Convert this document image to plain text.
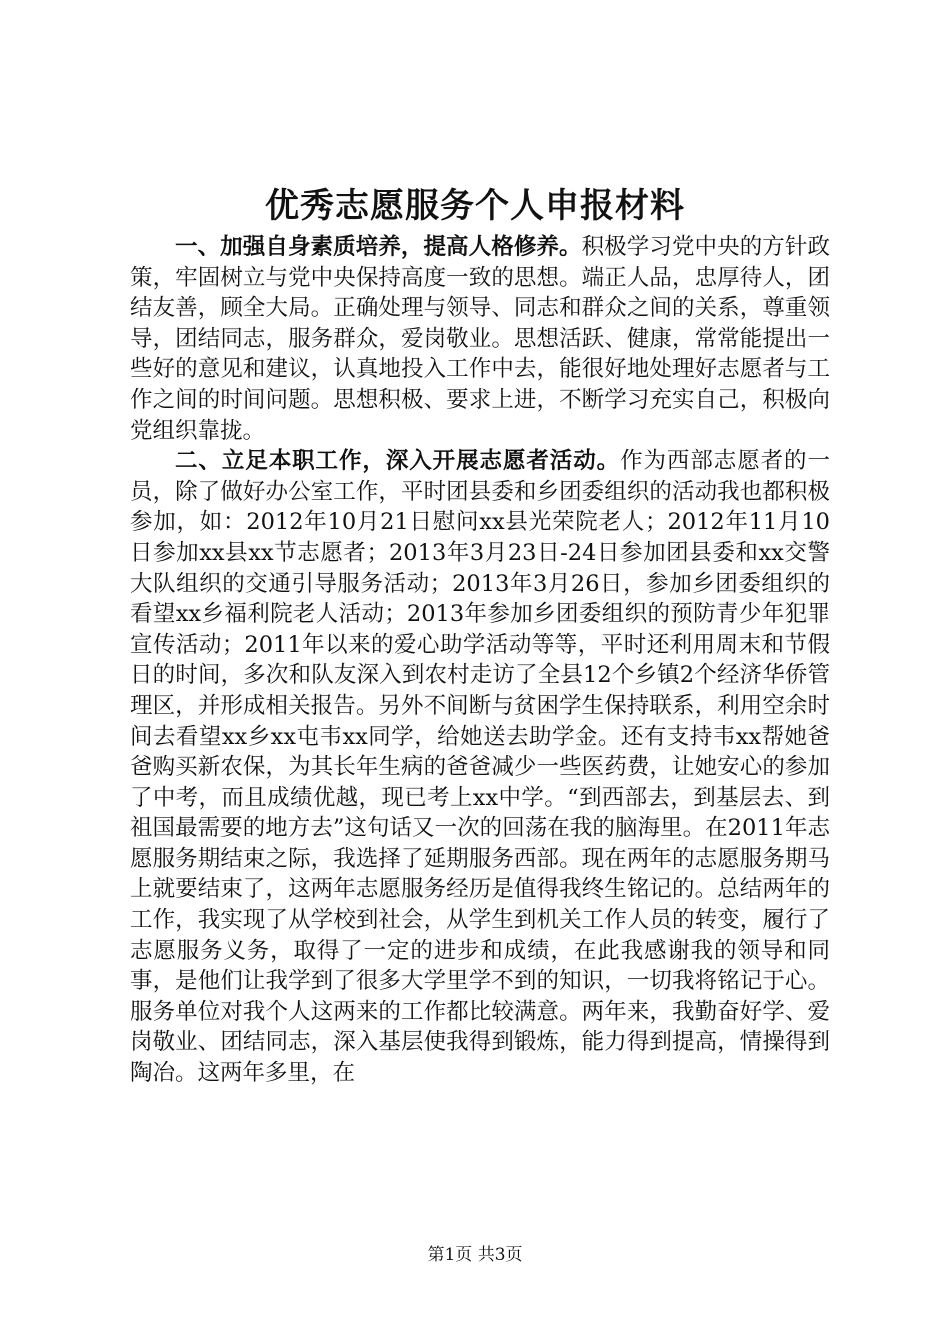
优秀志愿服务个人申报材料

一、加强自身素质培养，提高人格修养。积极学习党中央的方针政策，牢固树立与党中央保持高度一致的思想。端正人品，忠厚待人，团结友善，顾全大局。正确处理与领导、同志和群众之间的关系，尊重领导，团结同志，服务群众，爱岗敬业。思想活跃、健康，常常能提出一些好的意见和建议，认真地投入工作中去，能很好地处理好志愿者与工作之间的时间问题。思想积极、要求上进，不断学习充实自己，积极向党组织靠拢。

二、立足本职工作，深入开展志愿者活动。作为西部志愿者的一员，除了做好办公室工作，平时团县委和乡团委组织的活动我也都积极参加，如：2012年10月21日慰问xx县光荣院老人；2012年11月10日参加xx县xx节志愿者；2013年3月23日-24日参加团县委和xx交警大队组织的交通引导服务活动；2013年3月26日，参加乡团委组织的看望xx乡福利院老人活动；2013年参加乡团委组织的预防青少年犯罪宣传活动；2011年以来的爱心助学活动等等，平时还利用周末和节假日的时间，多次和队友深入到农村走访了全县12个乡镇2个经济华侨管理区，并形成相关报告。另外不间断与贫困学生保持联系，利用空余时间去看望xx乡xx屯韦xx同学，给她送去助学金。还有支持韦xx帮她爸爸购买新农保，为其长年生病的爸爸减少一些医药费，让她安心的参加了中考，而且成绩优越，现已考上xx中学。“到西部去，到基层去、到祖国最需要的地方去”这句话又一次的回荡在我的脑海里。在2011年志愿服务期结束之际，我选择了延期服务西部。现在两年的志愿服务期马上就要结束了，这两年志愿服务经历是值得我终生铭记的。总结两年的工作，我实现了从学校到社会，从学生到机关工作人员的转变，履行了志愿服务义务，取得了一定的进步和成绩，在此我感谢我的领导和同事，是他们让我学到了很多大学里学不到的知识，一切我将铭记于心。服务单位对我个人这两来的工作都比较满意。两年来，我勤奋好学、爱岗敬业、团结同志，深入基层使我得到锻炼，能力得到提高，情操得到陶冶。这两年多里，在

第1页 共3页
